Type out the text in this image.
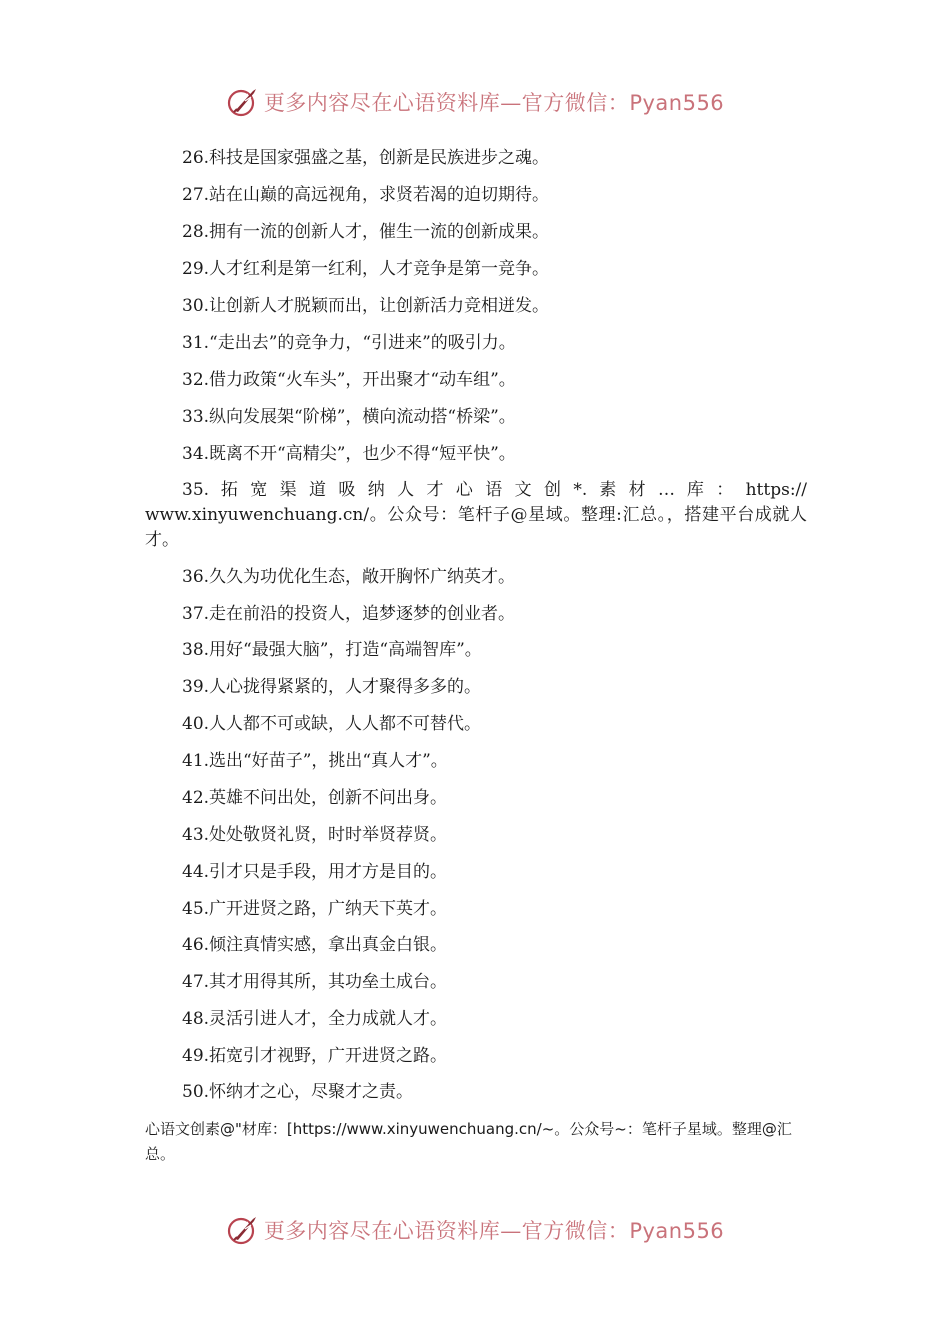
更多内容尽在心语资料库—官方微信：Pyan556
26.科技是国家强盛之基，创新是民族进步之魂。
27.站在山巅的高远视角，求贤若渴的迫切期待。
28.拥有一流的创新人才，催生一流的创新成果。
29.人才红利是第一红利，人才竞争是第一竞争。
30.让创新人才脱颖而出，让创新活力竞相迸发。
31.“走出去”的竞争力，“引进来”的吸引力。
32.借力政策“火车头”，开出聚才“动车组”。
33.纵向发展架“阶梯”，横向流动搭“桥梁”。
34.既离不开“高精尖”，也少不得“短平快”。
35. 拓 宽 渠 道 吸 纳 人 才 心 语 文 创 *. 素 材 … 库 ： https:// www.xinyuwenchuang.cn/。公众号：笔杆子@星域。整理:汇总。，搭建平台成就人才。
36.久久为功优化生态，敞开胸怀广纳英才。
37.走在前沿的投资人，追梦逐梦的创业者。
38.用好“最强大脑”，打造“高端智库”。
39.人心拢得紧紧的，人才聚得多多的。
40.人人都不可或缺，人人都不可替代。
41.选出“好苗子”，挑出“真人才”。
42.英雄不问出处，创新不问出身。
43.处处敬贤礼贤，时时举贤荐贤。
44.引才只是手段，用才方是目的。
45.广开进贤之路，广纳天下英才。
46.倾注真情实感，拿出真金白银。
47.其才用得其所，其功垒土成台。
48.灵活引进人才，全力成就人才。
49.拓宽引才视野，广开进贤之路。
50.怀纳才之心，尽聚才之责。
心语文创素@"材库：[https://www.xinyuwenchuang.cn/~。公众号~：笔杆子星域。整理@汇总。
更多内容尽在心语资料库—官方微信：Pyan556
